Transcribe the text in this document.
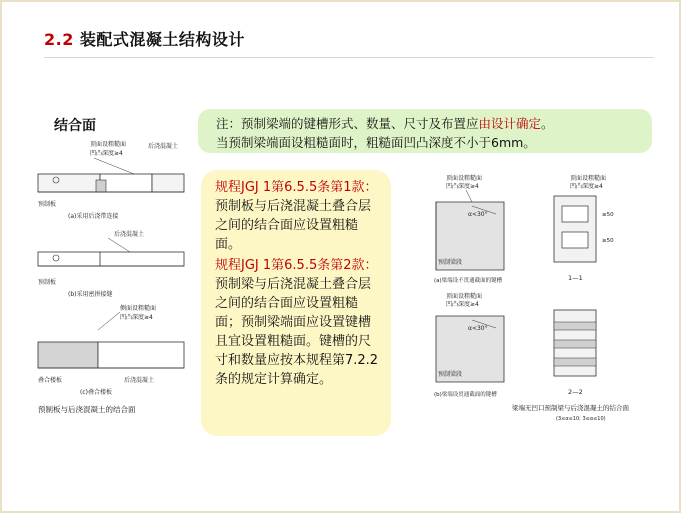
2.2 装配式混凝土结构设计
结合面	注：预制梁端的键槽形式、数量、尺寸及布置应由设计确定。
当预制梁端面设粗糙面时，粗糙面凹凸深度不小于6mm。

规程JGJ 1第6.5.5条第1款：预制板与后浇混凝土叠合层之间的结合面应设置粗糙面。

规程JGJ 1第6.5.5条第2款：预制梁与后浇混凝土叠合层之间的结合面应设置粗糙面；预制梁端面应设置键槽且宜设置粗糙面。键槽的尺寸和数量应按本规程第7.2.2条的规定计算确定。

顶面设粗糙面
凹凸深度≥4
后浇混凝土
预制板
(a)采用后浇带连接
后浇混凝土
预制板
(b)采用密拼接缝
侧面设粗糙面
凹凸深度≥4
叠合楼板	后浇混凝土
(c)叠合楼板
预制板与后浇混凝土的结合面
顶面设粗糙面
凹凸深度≥4
α<30°
预制梁段
(a)梁端设不贯通截面的键槽
顶面设粗糙面
凹凸深度≥4
≥50
≥50
1—1
顶面设粗糙面
凹凸深度≥4
α<30°
预制梁段
(b)梁端设贯通截面的键槽	2—2
梁端无凹口预制梁与后浇混凝土的结合面
(3≤α≤10; 3≤α≤10)
